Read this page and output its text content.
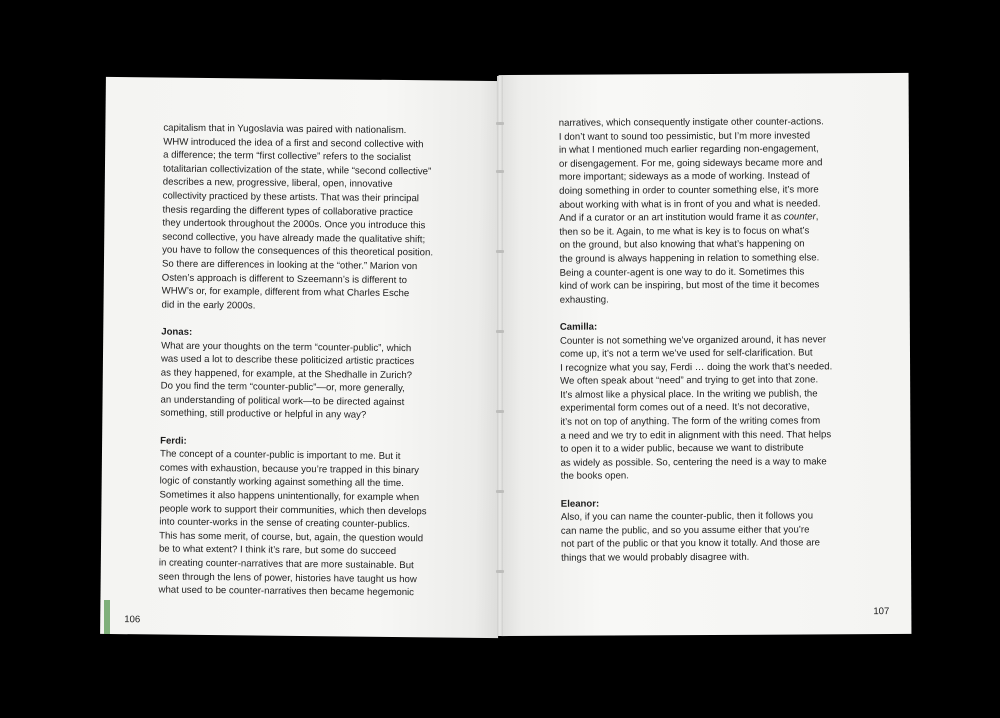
capitalism that in Yugoslavia was paired with nationalism.

WHW introduced the idea of a first and second collective with

a difference; the term “first collective” refers to the socialist

totalitarian collectivization of the state, while “second collective”

describes a new, progressive, liberal, open, innovative

collectivity practiced by these artists. That was their principal

thesis regarding the different types of collaborative practice

they undertook throughout the 2000s. Once you introduce this

second collective, you have already made the qualitative shift;

you have to follow the consequences of this theoretical position.

So there are differences in looking at the “other.” Marion von

Osten’s approach is different to Szeemann’s is different to

WHW’s or, for example, different from what Charles Esche

did in the early 2000s.

Jonas:

What are your thoughts on the term “counter-public”, which

was used a lot to describe these politicized artistic practices

as they happened, for example, at the Shedhalle in Zurich?

Do you find the term “counter-public”—or, more generally,

an understanding of political work—to be directed against

something, still productive or helpful in any way?

Ferdi:

The concept of a counter-public is important to me. But it

comes with exhaustion, because you’re trapped in this binary

logic of constantly working against something all the time.

Sometimes it also happens unintentionally, for example when

people work to support their communities, which then develops

into counter-works in the sense of creating counter-publics.

This has some merit, of course, but, again, the question would

be to what extent? I think it’s rare, but some do succeed

in creating counter-narratives that are more sustainable. But

seen through the lens of power, histories have taught us how

what used to be counter-narratives then became hegemonic

106

narratives, which consequently instigate other counter-actions.

I don’t want to sound too pessimistic, but I’m more invested

in what I mentioned much earlier regarding non-engagement,

or disengagement. For me, going sideways became more and

more important; sideways as a mode of working. Instead of

doing something in order to counter something else, it’s more

about working with what is in front of you and what is needed.

And if a curator or an art institution would frame it as counter,

then so be it. Again, to me what is key is to focus on what’s

on the ground, but also knowing that what’s happening on

the ground is always happening in relation to something else.

Being a counter-agent is one way to do it. Sometimes this

kind of work can be inspiring, but most of the time it becomes

exhausting.

Camilla:

Counter is not something we’ve organized around, it has never

come up, it’s not a term we’ve used for self-clarification. But

I recognize what you say, Ferdi … doing the work that’s needed.

We often speak about “need” and trying to get into that zone.

It’s almost like a physical place. In the writing we publish, the

experimental form comes out of a need. It’s not decorative,

it’s not on top of anything. The form of the writing comes from

a need and we try to edit in alignment with this need. That helps

to open it to a wider public, because we want to distribute

as widely as possible. So, centering the need is a way to make

the books open.

Eleanor:

Also, if you can name the counter-public, then it follows you

can name the public, and so you assume either that you’re

not part of the public or that you know it totally. And those are

things that we would probably disagree with.

107
